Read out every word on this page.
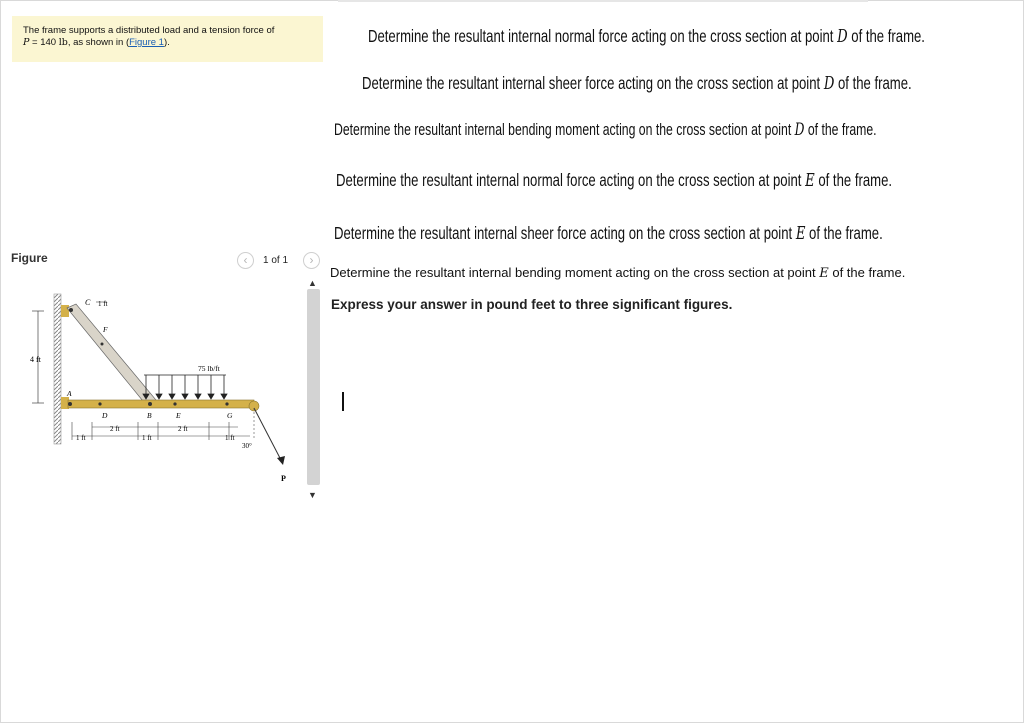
The frame supports a distributed load and a tension force of
P = 140 lb, as shown in (Figure 1).
Figure	‹	1 of 1	›
▲
▼
4 ft
75 lb/ft
30°
P
C 1 ft
F
A
D	B	E	G
1 ft
2 ft
1 ft
2 ft
1 ft
Determine the resultant internal normal force acting on the cross section at point D of the frame.
Determine the resultant internal sheer force acting on the cross section at point D of the frame.
Determine the resultant internal bending moment acting on the cross section at point D of the frame.
Determine the resultant internal normal force acting on the cross section at point E of the frame.
Determine the resultant internal sheer force acting on the cross section at point E of the frame.
Determine the resultant internal bending moment acting on the cross section at point E of the frame.
Express your answer in pound feet to three significant figures.
